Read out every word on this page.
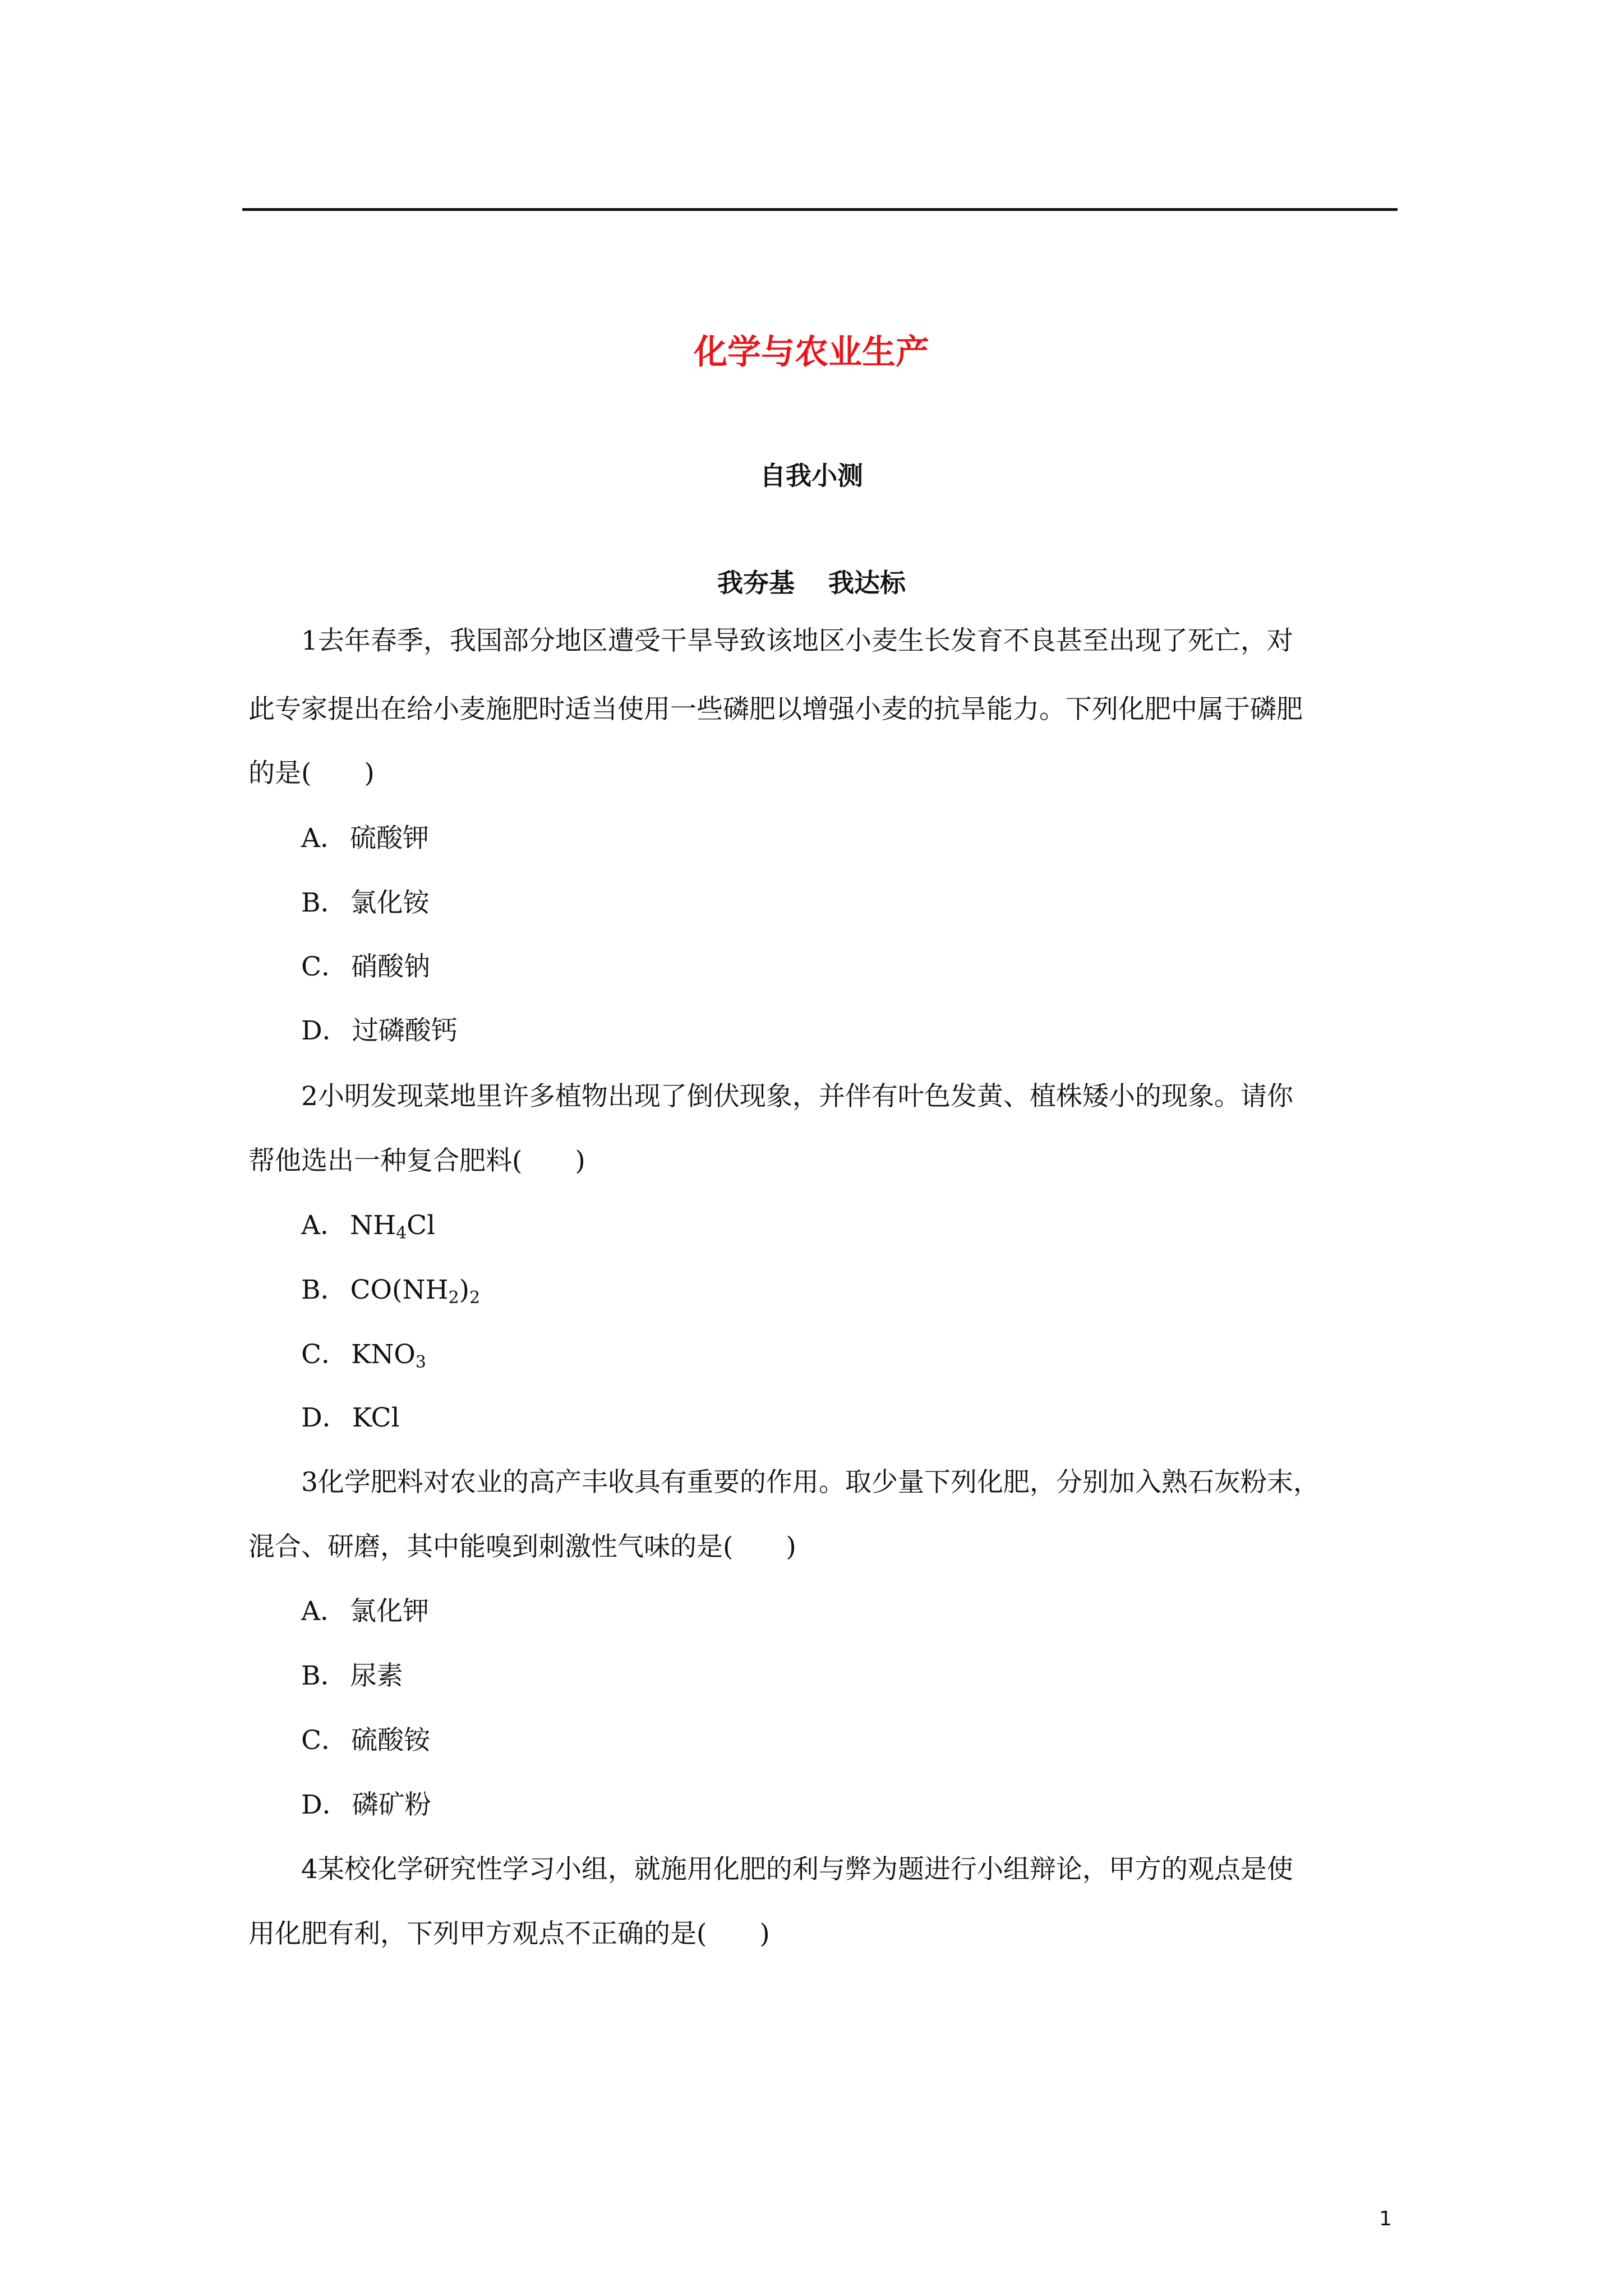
化学与农业生产
自我小测
我夯基 我达标
1去年春季，我国部分地区遭受干旱导致该地区小麦生长发育不良甚至出现了死亡，对
此专家提出在给小麦施肥时适当使用一些磷肥以增强小麦的抗旱能力。下列化肥中属于磷肥
的是(　　)
A． 硫酸钾
B． 氯化铵
C． 硝酸钠
D． 过磷酸钙
2小明发现菜地里许多植物出现了倒伏现象，并伴有叶色发黄、植株矮小的现象。请你
帮他选出一种复合肥料(　　)
A． $NH_4Cl$
B． $CO(NH_2)_2$
C． $KNO_3$
D． KCl
3化学肥料对农业的高产丰收具有重要的作用。取少量下列化肥，分别加入熟石灰粉末，
混合、研磨，其中能嗅到刺激性气味的是(　　)
A． 氯化钾
B． 尿素
C． 硫酸铵
D． 磷矿粉
4某校化学研究性学习小组，就施用化肥的利与弊为题进行小组辩论，甲方的观点是使
用化肥有利，下列甲方观点不正确的是(　　)
1
